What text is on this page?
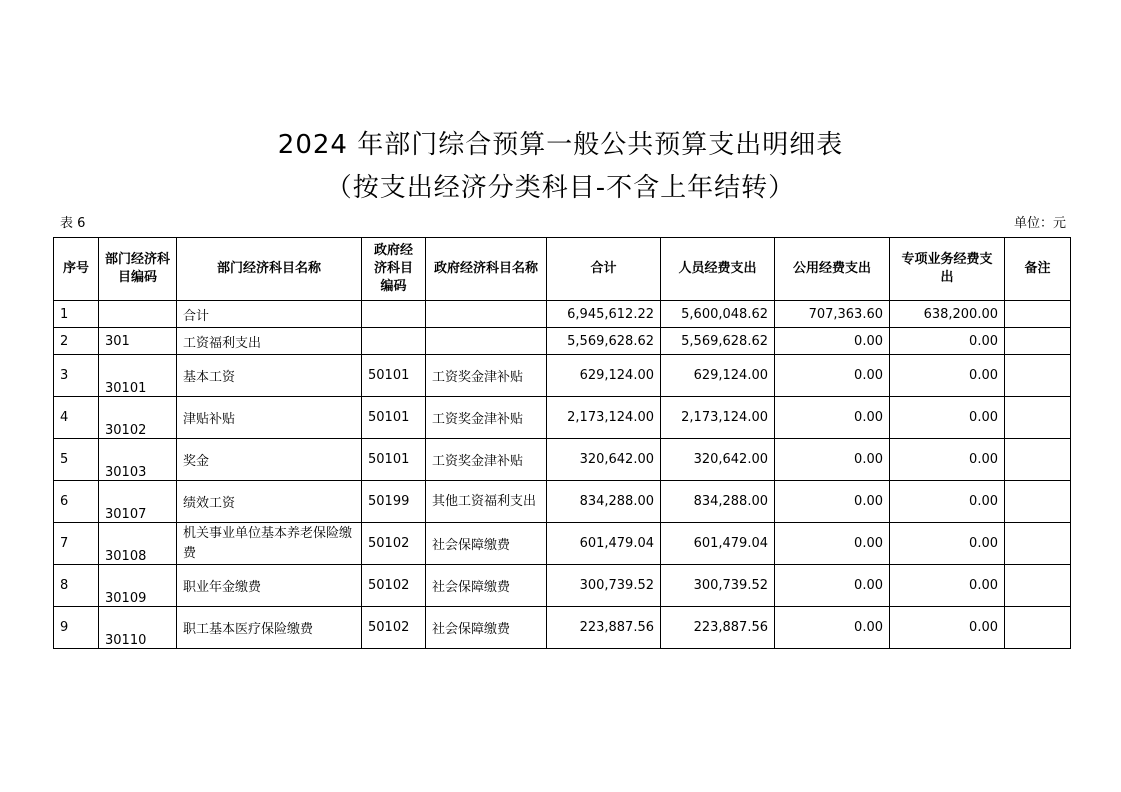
2024 年部门综合预算一般公共预算支出明细表
（按支出经济分类科目-不含上年结转）
表 6	单位：元
序号	部门经济科目编码	部门经济科目名称	政府经济科目编码	政府经济科目名称	合计	人员经费支出	公用经费支出	专项业务经费支出	备注
1		合计			6,945,612.22	5,600,048.62	707,363.60	638,200.00	
2	301	工资福利支出			5,569,628.62	5,569,628.62	0.00	0.00	
3	30101	基本工资	50101	工资奖金津补贴	629,124.00	629,124.00	0.00	0.00	
4	30102	津贴补贴	50101	工资奖金津补贴	2,173,124.00	2,173,124.00	0.00	0.00	
5	30103	奖金	50101	工资奖金津补贴	320,642.00	320,642.00	0.00	0.00	
6	30107	绩效工资	50199	其他工资福利支出	834,288.00	834,288.00	0.00	0.00	
7	30108	机关事业单位基本养老保险缴费	50102	社会保障缴费	601,479.04	601,479.04	0.00	0.00	
8	30109	职业年金缴费	50102	社会保障缴费	300,739.52	300,739.52	0.00	0.00	
9	30110	职工基本医疗保险缴费	50102	社会保障缴费	223,887.56	223,887.56	0.00	0.00	
